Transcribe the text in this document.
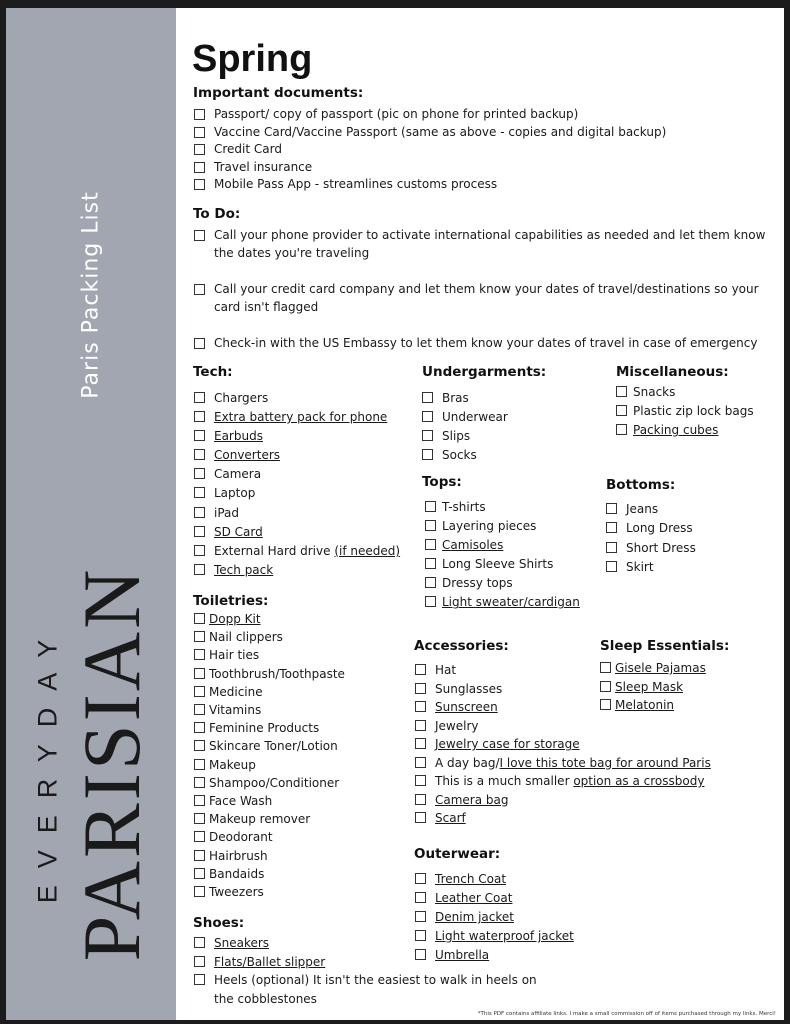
Paris Packing List
EVERYDAY PARISIAN
Spring
Important documents:
Passport/ copy of passport (pic on phone for printed backup)
Vaccine Card/Vaccine Passport (same as above - copies and digital backup)
Credit Card
Travel insurance
Mobile Pass App - streamlines customs process
To Do:
Call your phone provider to activate international capabilities as needed and let them know the dates you're traveling
Call your credit card company and let them know your dates of travel/destinations so your card isn't flagged
Check-in with the US Embassy to let them know your dates of travel in case of emergency
Tech:
Chargers
Extra battery pack for phone
Earbuds
Converters
Camera
Laptop
iPad
SD Card
External Hard drive (if needed)
Tech pack
Toiletries:
Dopp Kit
Nail clippers
Hair ties
Toothbrush/Toothpaste
Medicine
Vitamins
Feminine Products
Skincare Toner/Lotion
Makeup
Shampoo/Conditioner
Face Wash
Makeup remover
Deodorant
Hairbrush
Bandaids
Tweezers
Shoes:
Sneakers
Flats/Ballet slipper
Heels (optional) It isn't the easiest to walk in heels on the cobblestones
Undergarments:
Bras
Underwear
Slips
Socks
Tops:
T-shirts
Layering pieces
Camisoles
Long Sleeve Shirts
Dressy tops
Light sweater/cardigan
Accessories:
Hat
Sunglasses
Sunscreen
Jewelry
Jewelry case for storage
A day bag/I love this tote bag for around Paris
This is a much smaller option as a crossbody
Camera bag
Scarf
Outerwear:
Trench Coat
Leather Coat
Denim jacket
Light waterproof jacket
Umbrella
Miscellaneous:
Snacks
Plastic zip lock bags
Packing cubes
Bottoms:
Jeans
Long Dress
Short Dress
Skirt
Sleep Essentials:
Gisele Pajamas
Sleep Mask
Melatonin
*This PDF contains affiliate links. I make a small commission off of items purchased through my links. Merci!
